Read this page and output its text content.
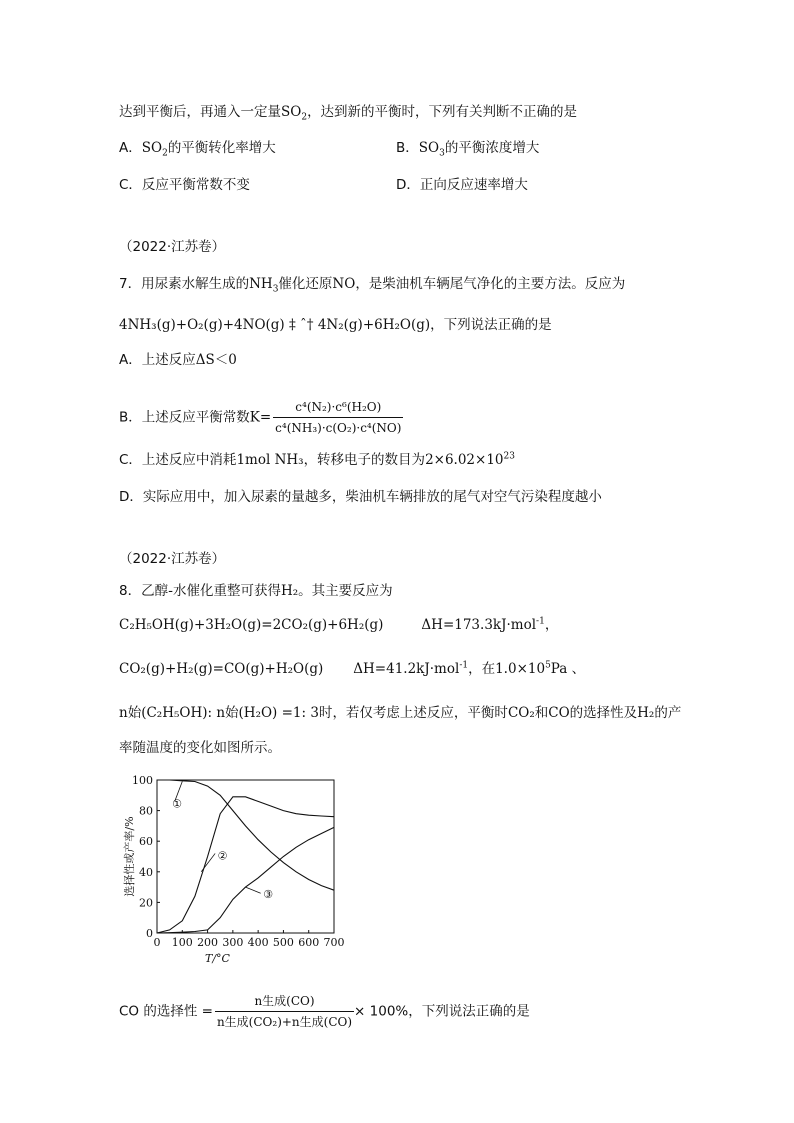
达到平衡后，再通入一定量$SO_2$，达到新的平衡时，下列有关判断不正确的是
A．$SO_2$的平衡转化率增大	B．$SO_3$的平衡浓度增大
C．反应平衡常数不变	D．正向反应速率增大
（2022·江苏卷）
7．用尿素水解生成的$NH_3$催化还原NO，是柴油机车辆尾气净化的主要方法。反应为
4NH₃(g)+O₂(g)+4NO(g) ‡ ˆ† 4N₂(g)+6H₂O(g)，下列说法正确的是
A．上述反应ΔS＜0
B．上述反应平衡常数$K= \frac{\text{c⁴(N₂)·c⁶(H₂O)}}{\text{c⁴(NH₃)·c(O₂)·c⁴(NO)}}$
C．上述反应中消耗1mol NH₃，转移电子的数目为$2\times 6.02\times 10^{23}$
D．实际应用中，加入尿素的量越多，柴油机车辆排放的尾气对空气污染程度越小
（2022·江苏卷）
8．乙醇-水催化重整可获得H₂。其主要反应为
C₂H₅OH(g)+3H₂O(g)=2CO₂(g)+6H₂(g)	ΔH=173.3kJ·mol$^{-1}$，
CO₂(g)+H₂(g)=CO(g)+H₂O(g) ΔH=41.2kJ·mol$^{-1}$，在$1.0\times 10^5Pa$ 、
n始(C₂H₅OH): n始(H₂O) =1: 3时，若仅考虑上述反应，平衡时CO₂和CO的选择性及H₂的产
率随温度的变化如图所示。
0 100 200 300 400 500 600 700
0
20
40
60
80
100
T/°C
选择性或产率/%
①
②
③
CO 的选择性 = $\frac{\text{n生成(CO)}}{\text{n生成(CO₂)+n生成(CO)}} \times 100\%$，下列说法正确的是
